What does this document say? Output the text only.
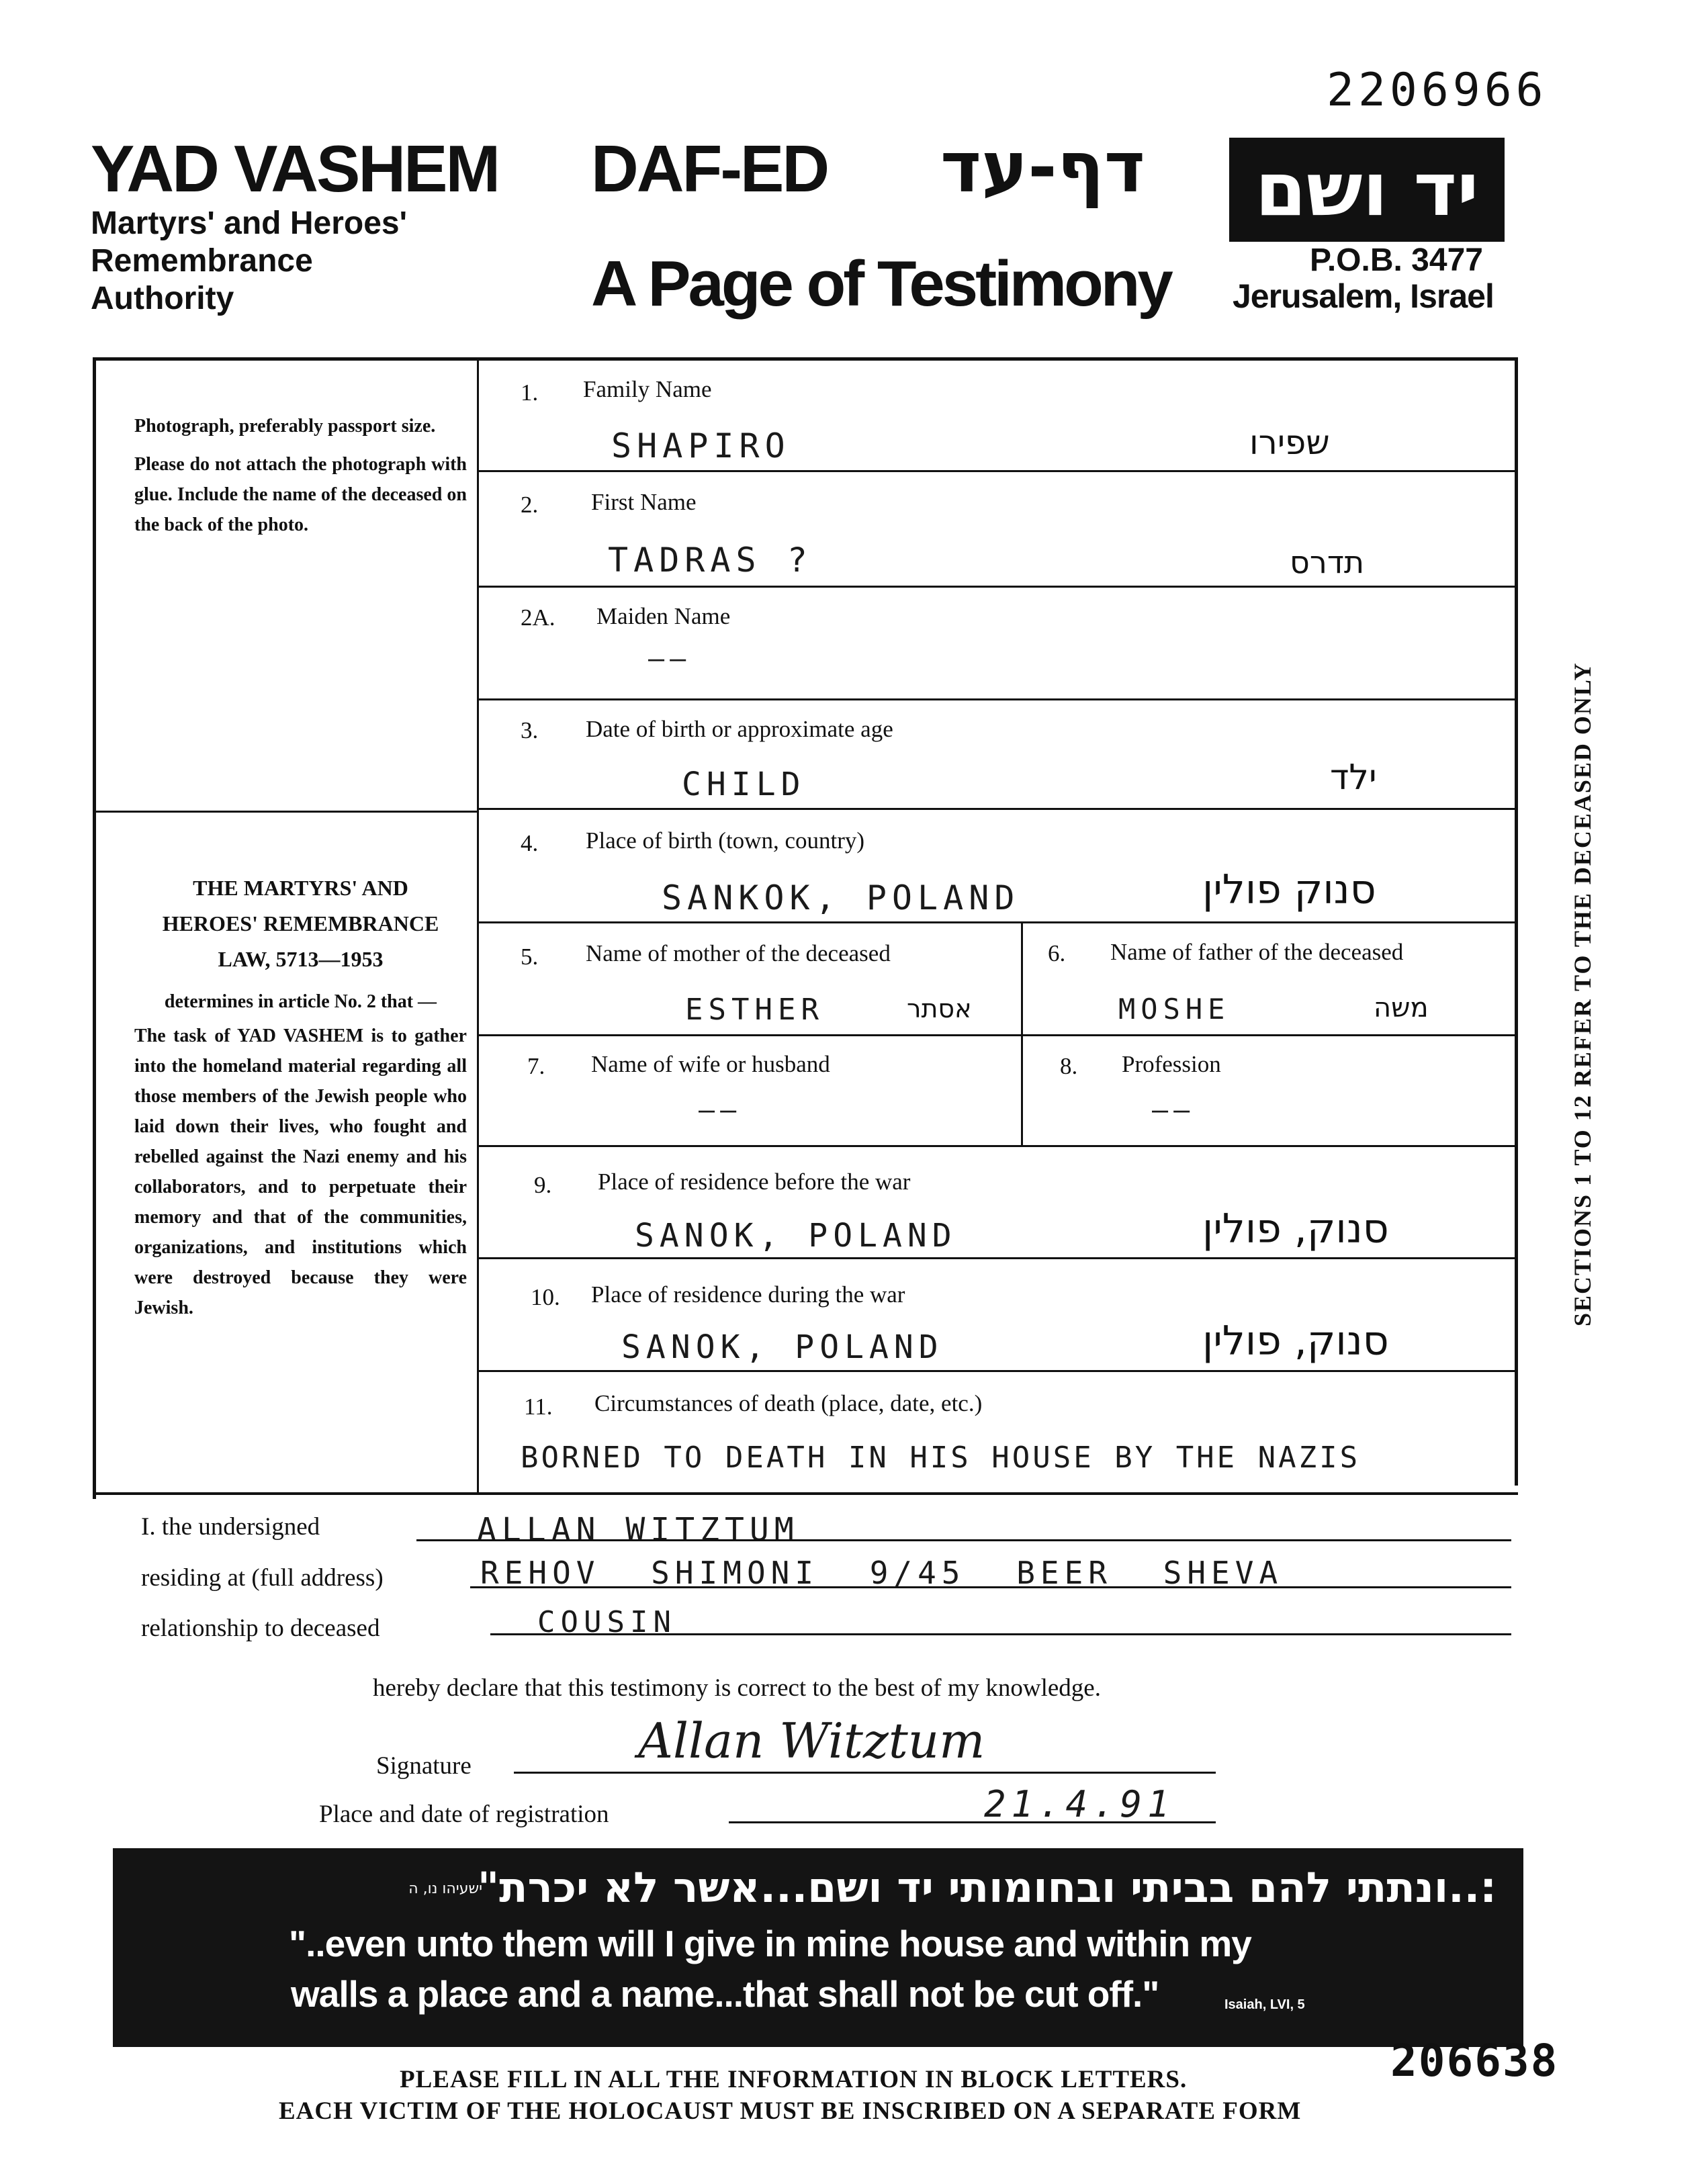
2206966
YAD VASHEM
Martyrs' and Heroes'
Remembrance
Authority
DAF-ED דף-עד
A Page of Testimony
יד ושם
P.O.B. 3477
Jerusalem, Israel
Photograph, preferably passport size.
Please do not attach the photograph with glue. Include the name of the deceased on the back of the photo.
THE MARTYRS' AND HEROES' REMEMBRANCE LAW, 5713—1953
determines in article No. 2 that —
The task of YAD VASHEM is to gather into the homeland material regarding all those members of the Jewish people who laid down their lives, who fought and rebelled against the Nazi enemy and his collaborators, and to perpetuate their memory and that of the communities, organizations, and institutions which were destroyed because they were Jewish.	SECTIONS 1 TO 12 REFER TO THE DECEASED ONLY
1. Family Name
SHAPIRO	שפירו
2. First Name
TADRAS ?	תדרס
2A. Maiden Name
——
3. Date of birth or approximate age
CHILD	ילד
4. Place of birth (town, country)
SANKOK, POLAND	סנוק פולין
5. Name of mother of the deceased
ESTHER	אסתר
6. Name of father of the deceased
MOSHE	משה
7. Name of wife or husband
——
8. Profession
——
9. Place of residence before the war
SANOK, POLAND	סנוק, פולין
10. Place of residence during the war
SANOK, POLAND	סנוק, פולין
11. Circumstances of death (place, date, etc.)
BORNED TO DEATH IN HIS HOUSE BY THE NAZIS
I. the undersigned	ALLAN WITZTUM
residing at (full address)	REHOV SHIMONI 9/45 BEER SHEVA
relationship to deceased	COUSIN
hereby declare that this testimony is correct to the best of my knowledge.
Signature	Allan Witztum
Place and date of registration	21.4.91
:..ונתתי להם בביתי ובחומותי יד ושם...אשר לא יכרת"
ישעיהו נו, ה
"..even unto them will I give in mine house and within my
walls a place and a name...that shall not be cut off."	Isaiah, LVI, 5
PLEASE FILL IN ALL THE INFORMATION IN BLOCK LETTERS.
EACH VICTIM OF THE HOLOCAUST MUST BE INSCRIBED ON A SEPARATE FORM
206638
